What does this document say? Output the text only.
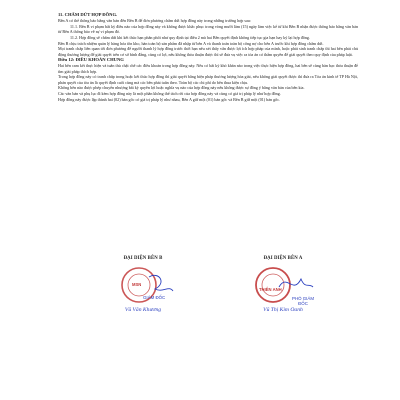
11. CHẤM DỨT HỢP ĐỒNG.

Bên A có thể thông báo bằng văn bản đến Bên B để đơn phương chấm dứt hợp đồng này trong những trường hợp sau:

11.1. Bên B vi phạm bất kỳ điều nào của hợp đồng này và không được khắc phục trong vòng mười lăm (15) ngày làm việc kể từ khi Bên B nhận được thông báo bằng văn bản từ Bên A thông báo về sự vi phạm đó.

11.2. Hợp đồng sẽ chấm dứt khi kết thúc hạn phân phối như quy định tại điều 2 mà hai Bên quyết định không tiếp tục gia hạn hay ký lại hợp đồng.

Bên B chịu trách nhiệm quản lý hàng hóa tồn kho, hàn toàn bộ sản phẩm đã nhập từ bên A và thanh toán toàn bộ công nợ cho bên A trước khi hợp đồng chấm dứt.

Mọi tranh chấp liên quan tới đơn phương để người thanh lý hợp đồng trước thời hạn nếu xét thấy vấn được lợi ích hợp pháp của mình, hoặc phát sinh tranh chấp thì hai bên phải chủ động thương lượng để giải quyết trên cơ sở bình đẳng, cùng có lợi, nếu không thỏa thuận được thì sẽ đưa vụ việc ra tòa án có thẩm quyền để giải quyết theo quy định của pháp luật.

Điều 12: ĐIỀU KHOẢN CHUNG

Hai bên cam kết thực hiện và tuân thủ chặt chẽ các điều khoản trong hợp đồng này. Nếu có bất kỳ khó khăn nào trong việc thực hiện hợp đồng, hai bên sẽ cùng bàn bạc thỏa thuận để tìm giải pháp thích hợp.

Trong hợp đồng này có tranh chấp trong hoặc kết thúc hợp đồng thì giải quyết bằng biện pháp thương lượng hòa giải, nếu không giải quyết được thì đưa ra Tòa án kinh tế TP Hà Nội, phán quyết của tòa án là quyết định cuối cùng mà các bên phải tuân theo. Toàn bộ các chi phí do bên thua kiện chịu.

Không bên nào được phép chuyển nhượng bất kỳ quyền lợi hoặc nghĩa vụ nào của hợp đồng này nếu không được sự đồng ý bằng văn bản của bên kia.

Các văn bản và phụ lục đi kèm hợp đồng này là một phần không thể tách rời của hợp đồng này và cùng có giá trị pháp lý như hợp đồng.

Hợp đồng này được lập thành hai (02) bản gốc có giá trị pháp lý như nhau, Bên A giữ một (01) bản gốc và Bên B giữ một (01) bản gốc.

ĐẠI DIỆN BÊN B
MSN
GIÁM ĐỐC
Vũ Văn Khương
ĐẠI DIỆN BÊN A
THIÊN ANH
PHÓ GIÁM ĐỐC
Vũ Thị Kim Oanh
